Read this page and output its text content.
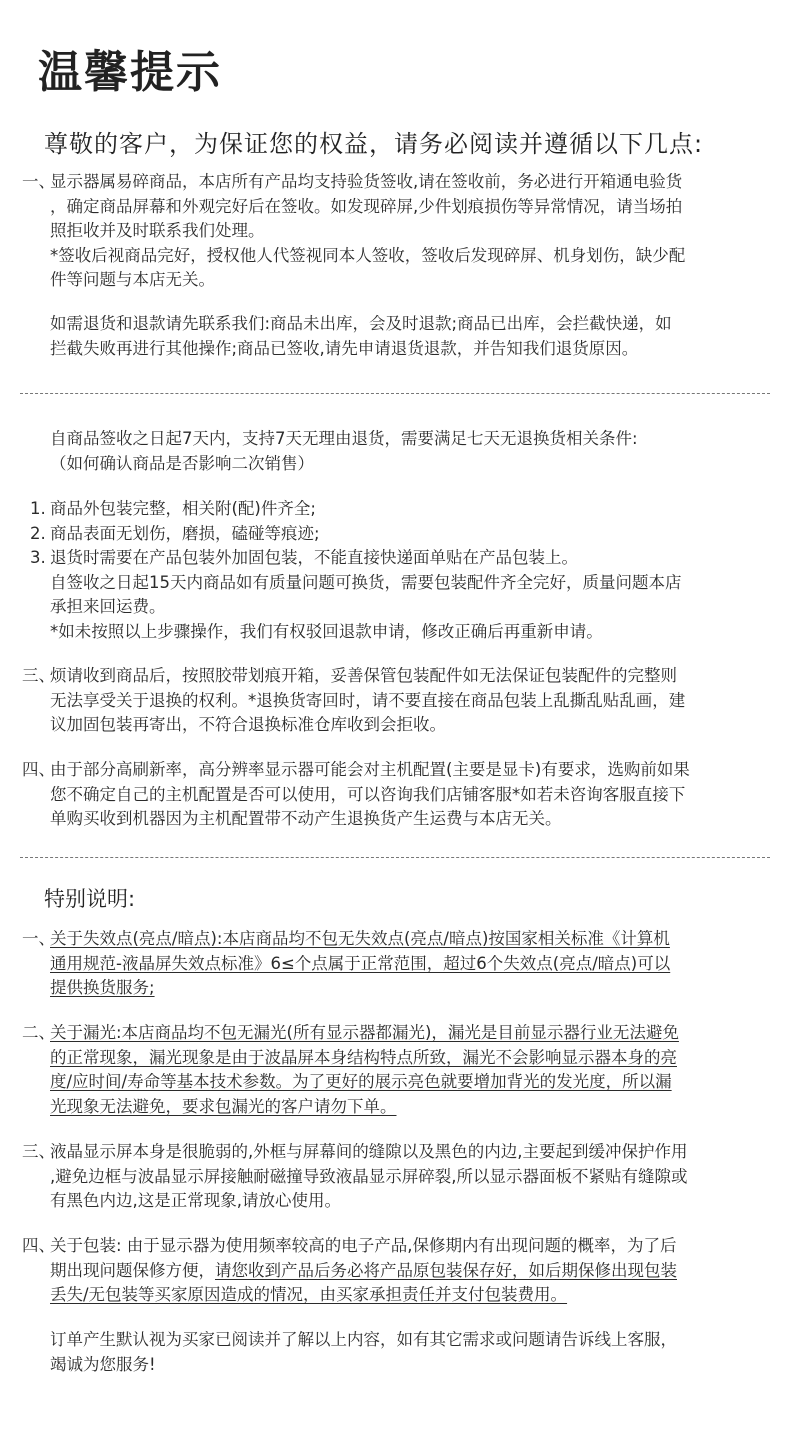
温馨提示
尊敬的客户，为保证您的权益，请务必阅读并遵循以下几点:
一、
显示器属易碎商品，本店所有产品均支持验货签收,请在签收前，务必进行开箱通电验货
，确定商品屏幕和外观完好后在签收。如发现碎屏,少件划痕损伤等异常情况，请当场拍
照拒收并及时联系我们处理。
*签收后视商品完好，授权他人代签视同本人签收，签收后发现碎屏、机身划伤，缺少配
件等问题与本店无关。
如需退货和退款请先联系我们:商品未出库，会及时退款;商品已出库，会拦截快递，如
拦截失败再进行其他操作;商品已签收,请先申请退货退款，并告知我们退货原因。
自商品签收之日起7天内，支持7天无理由退货，需要满足七天无退换货相关条件:
（如何确认商品是否影响二次销售）
1. 商品外包装完整，相关附(配)件齐全;
2. 商品表面无划伤，磨损，磕碰等痕迹;
3. 退货时需要在产品包装外加固包装，不能直接快递面单贴在产品包装上。
自签收之日起15天内商品如有质量问题可换货，需要包装配件齐全完好，质量问题本店
承担来回运费。
*如未按照以上步骤操作，我们有权驳回退款申请，修改正确后再重新申请。
三、
烦请收到商品后，按照胶带划痕开箱，妥善保管包装配件如无法保证包装配件的完整则
无法享受关于退换的权利。*退换货寄回时，请不要直接在商品包装上乱撕乱贴乱画，建
议加固包装再寄出，不符合退换标准仓库收到会拒收。
四、
由于部分高刷新率，高分辨率显示器可能会对主机配置(主要是显卡)有要求，选购前如果
您不确定自己的主机配置是否可以使用，可以咨询我们店铺客服*如若未咨询客服直接下
单购买收到机器因为主机配置带不动产生退换货产生运费与本店无关。
特别说明:
一、
关于失效点(亮点/暗点):本店商品均不包无失效点(亮点/暗点)按国家相关标准《计算机
通用规范-液晶屏失效点标准》6≤个点属于正常范围，超过6个失效点(亮点/暗点)可以
提供换货服务;
二、
关于漏光:本店商品均不包无漏光(所有显示器都漏光)，漏光是目前显示器行业无法避免
的正常现象，漏光现象是由于波晶屏本身结构特点所致，漏光不会影响显示器本身的亮
度/应时间/寿命等基本技术参数。为了更好的展示亮色就要增加背光的发光度，所以漏
光现象无法避免，要求包漏光的客户请勿下单。
三、
液晶显示屏本身是很脆弱的,外框与屏幕间的缝隙以及黑色的内边,主要起到缓冲保护作用
,避免边框与波晶显示屏接触耐磁撞导致液晶显示屏碎裂,所以显示器面板不紧贴有缝隙或
有黑色内边,这是正常现象,请放心使用。
四、
关于包装: 由于显示器为使用频率较高的电子产品,保修期内有出现问题的概率，为了后
期出现问题保修方便，请您收到产品后务必将产品原包装保存好，如后期保修出现包装
丢失/无包装等买家原因造成的情况，由买家承担责任并支付包装费用。
订单产生默认视为买家已阅读并了解以上内容，如有其它需求或问题请告诉线上客服，
竭诚为您服务!
